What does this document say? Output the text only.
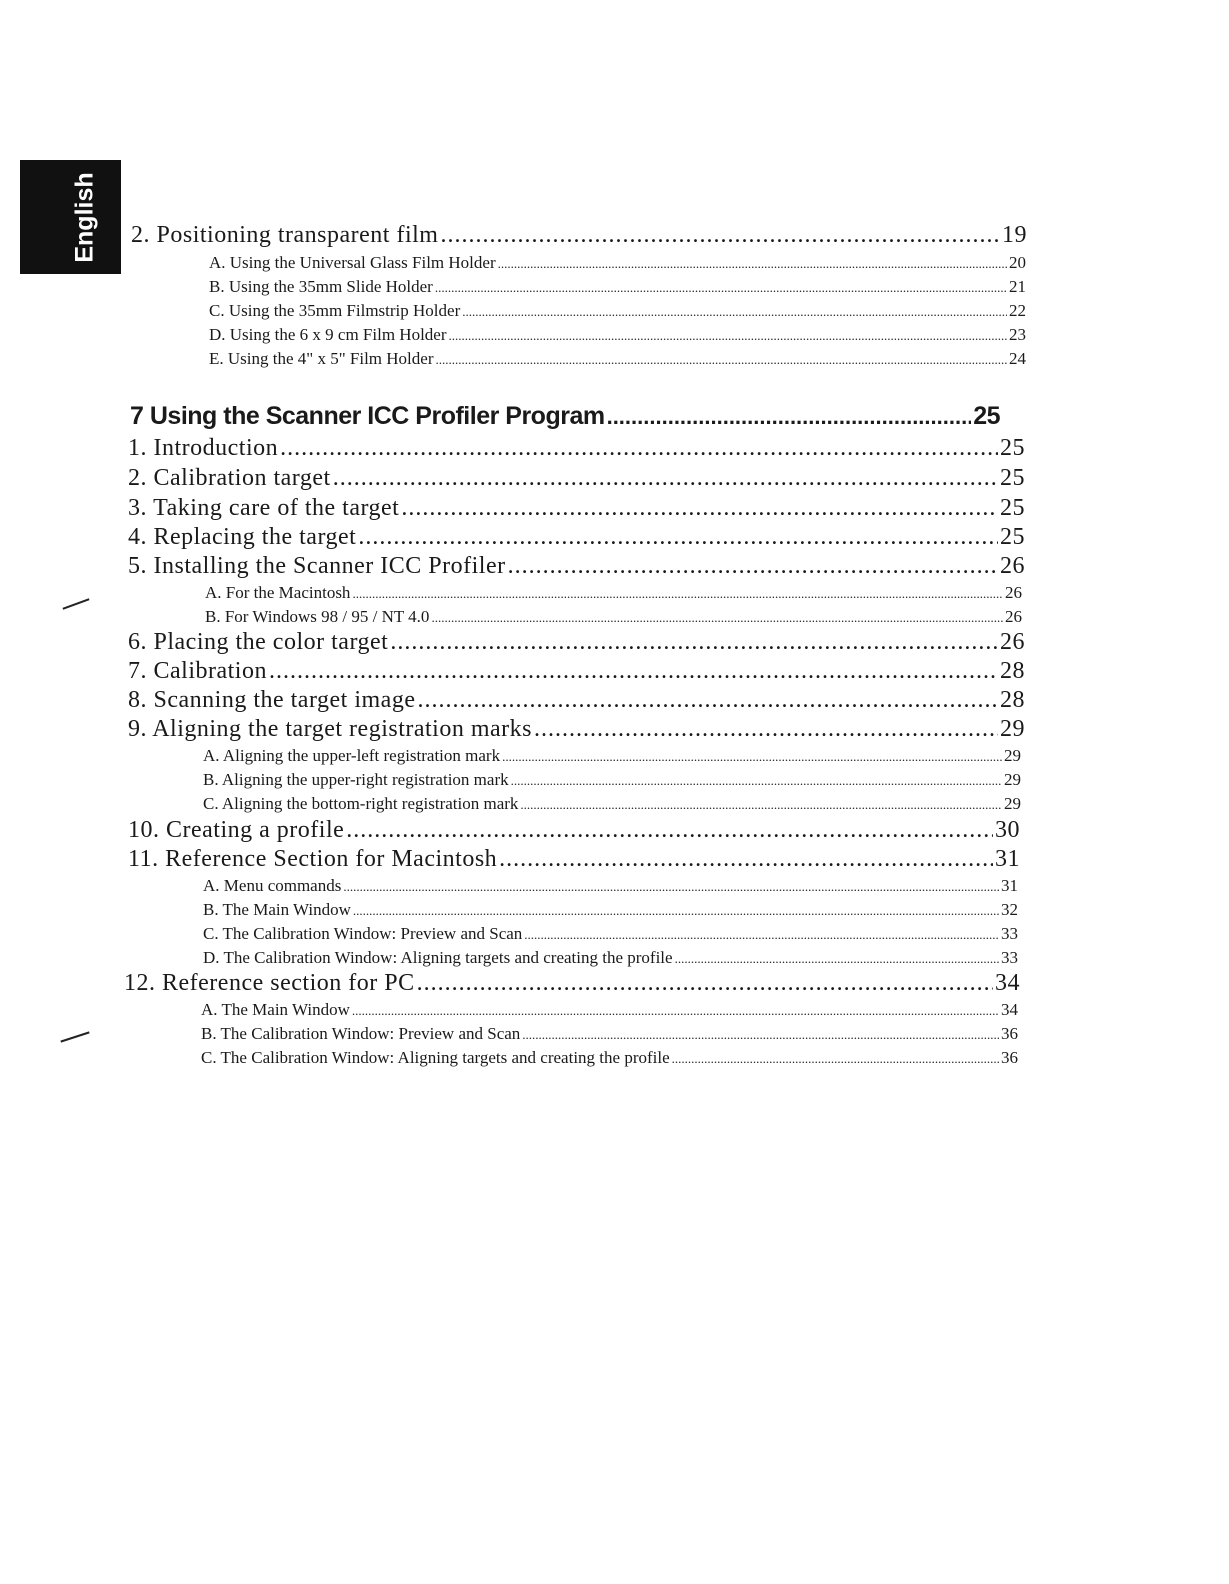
English 2. Positioning transparent film .....	19
A. Using the Universal Glass Film Holder .....	20
B. Using the 35mm Slide Holder .....	21
C. Using the 35mm Filmstrip Holder .....	22
D. Using the 6 x 9 cm Film Holder .....	23
E. Using the 4" x 5" Film Holder .....	24
7 Using the Scanner ICC Profiler Program .....	25
1. Introduction .....	25
2. Calibration target .....	25
3. Taking care of the target .....	25
4. Replacing the target .....	25
5. Installing the Scanner ICC Profiler .....	26
A. For the Macintosh .....	26
B. For Windows 98 / 95 / NT 4.0 .....	26
6. Placing the color target .....	26
7. Calibration .....	28
8. Scanning the target image .....	28
9. Aligning the target registration marks .....	29
A. Aligning the upper-left registration mark .....	29
B. Aligning the upper-right registration mark .....	29
C. Aligning the bottom-right registration mark .....	29
10. Creating a profile .....	30
11. Reference Section for Macintosh .....	31
A. Menu commands .....	31
B. The Main Window .....	32
C. The Calibration Window: Preview and Scan .....	33
D. The Calibration Window: Aligning targets and creating the profile .....	33
12. Reference section for PC .....	34
A. The Main Window .....	34
B. The Calibration Window: Preview and Scan .....	36
C. The Calibration Window: Aligning targets and creating the profile .....	36
